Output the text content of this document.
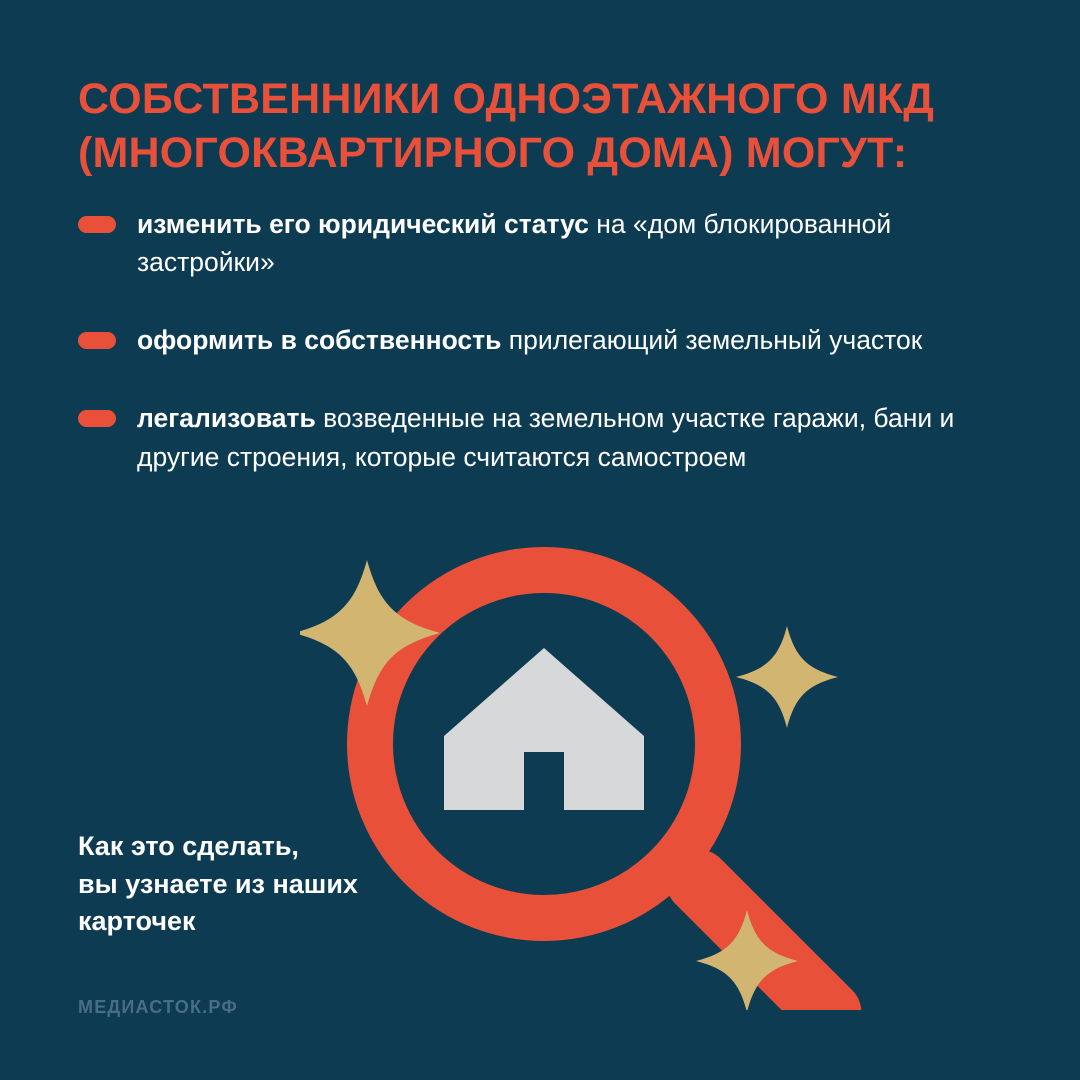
СОБСТВЕННИКИ ОДНОЭТАЖНОГО МКД
(МНОГОКВАРТИРНОГО ДОМА) МОГУТ:
изменить его юридический статус на «дом блокированной застройки»
оформить в собственность прилегающий земельный участок
легализовать возведенные на земельном участке гаражи, бани и другие строения, которые считаются самостроем
Как это сделать,
вы узнаете из наших
карточек
МЕДИАСТОК.РФ
